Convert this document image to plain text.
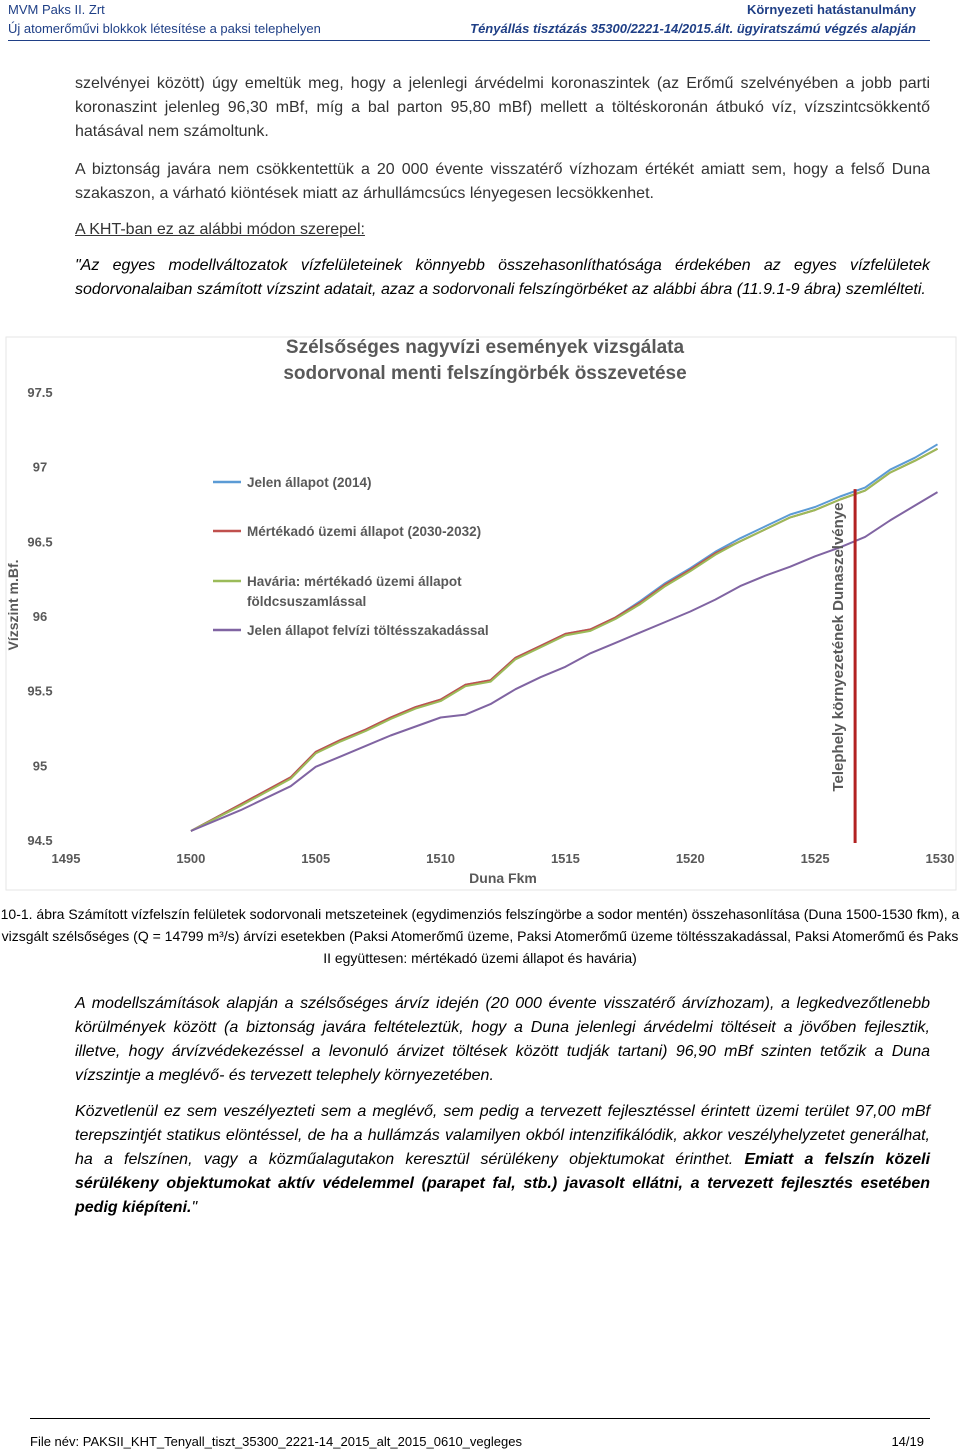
MVM Paks II. Zrt
Új atomerőművi blokkok létesítése a paksi telephelyen
Környezeti hatástanulmány
Tényállás tisztázás 35300/2221-14/2015.ált. ügyiratszámú végzés alapján

szelvényei között) úgy emeltük meg, hogy a jelenlegi árvédelmi koronaszintek (az Erőmű szelvényében a jobb parti koronaszint jelenleg 96,30 mBf, míg a bal parton 95,80 mBf) mellett a töltéskoronán átbukó víz, vízszintcsökkentő hatásával nem számoltunk.

A biztonság javára nem csökkentettük a 20 000 évente visszatérő vízhozam értékét amiatt sem, hogy a felső Duna szakaszon, a várható kiöntések miatt az árhullámcsúcs lényegesen lecsökkenhet.

A KHT-ban ez az alábbi módon szerepel:

"Az egyes modellváltozatok vízfelületeinek könnyebb összehasonlíthatósága érdekében az egyes vízfelületek sodorvonalaiban számított vízszint adatait, azaz a sodorvonali felszíngörbéket az alábbi ábra (11.9.1-9 ábra) szemlélteti.

Szélsőséges nagyvízi események vizsgálata
sodorvonal menti felszíngörbék összevetése
Vízszint m.Bf.
Duna Fkm
94.5
95
95.5
96
96.5
97
97.5
1495	1500	1505	1510	1515	1520	1525	1530
Telephely környezetének Dunaszelvénye
Jelen állapot (2014)
Mértékadó üzemi állapot (2030-2032)
Havária: mértékadó üzemi állapot
földcsuszamlással
Jelen állapot felvízi töltésszakadással
10-1. ábra Számított vízfelszín felületek sodorvonali metszeteinek (egydimenziós felszíngörbe a sodor mentén) összehasonlítása (Duna 1500-1530 fkm), a vizsgált szélsőséges (Q = 14799 m³/s) árvízi esetekben (Paksi Atomerőmű üzeme, Paksi Atomerőmű üzeme töltésszakadással, Paksi Atomerőmű és Paks II együttesen: mértékadó üzemi állapot és havária)

A modellszámítások alapján a szélsőséges árvíz idején (20 000 évente visszatérő árvízhozam), a legkedvezőtlenebb körülmények között (a biztonság javára feltételeztük, hogy a Duna jelenlegi árvédelmi töltéseit a jövőben fejlesztik, illetve, hogy árvízvédekezéssel a levonuló árvizet töltések között tudják tartani) 96,90 mBf szinten tetőzik a Duna vízszintje a meglévő- és tervezett telephely környezetében.

Közvetlenül ez sem veszélyezteti sem a meglévő, sem pedig a tervezett fejlesztéssel érintett üzemi terület 97,00 mBf terepszintjét statikus elöntéssel, de ha a hullámzás valamilyen okból intenzifikálódik, akkor veszélyhelyzetet generálhat, ha a felszínen, vagy a közműalagutakon keresztül sérülékeny objektumokat érinthet. Emiatt a felszín közeli sérülékeny objektumokat aktív védelemmel (parapet fal, stb.) javasolt ellátni, a tervezett fejlesztés esetében pedig kiépíteni."

File név: PAKSII_KHT_Tenyall_tiszt_35300_2221-14_2015_alt_2015_0610_vegleges	14/19
